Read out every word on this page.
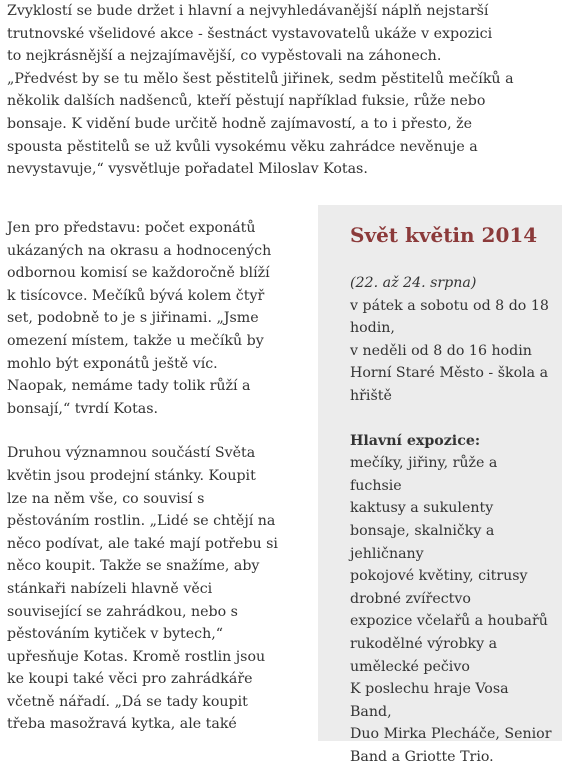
Zvyklostí se bude držet i hlavní a nejvyhledávanější náplň nejstarší
trutnovské všelidové akce - šestnáct vystavovatelů ukáže v expozici
to nejkrásnější a nejzajímavější, co vypěstovali na záhonech.
„Předvést by se tu mělo šest pěstitelů jiřinek, sedm pěstitelů mečíků a
několik dalších nadšenců, kteří pěstují například fuksie, růže nebo
bonsaje. K vidění bude určitě hodně zajímavostí, a to i přesto, že
spousta pěstitelů se už kvůli vysokému věku zahrádce nevěnuje a
nevystavuje,“ vysvětluje pořadatel Miloslav Kotas.

Jen pro představu: počet exponátů
ukázaných na okrasu a hodnocených
odbornou komisí se každoročně blíží
k tisícovce. Mečíků bývá kolem čtyř
set, podobně to je s jiřinami. „Jsme
omezení místem, takže u mečíků by
mohlo být exponátů ještě víc.
Naopak, nemáme tady tolik růží a
bonsají,“ tvrdí Kotas.

Druhou významnou součástí Světa
květin jsou prodejní stánky. Koupit
lze na něm vše, co souvisí s
pěstováním rostlin. „Lidé se chtějí na
něco podívat, ale také mají potřebu si
něco koupit. Takže se snažíme, aby
stánkaři nabízeli hlavně věci
související se zahrádkou, nebo s
pěstováním kytiček v bytech,“
upřesňuje Kotas. Kromě rostlin jsou
ke koupi také věci pro zahrádkáře
včetně nářadí. „Dá se tady koupit
třeba masožravá kytka, ale také

Svět květin 2014
(22. až 24. srpna)
v pátek a sobotu od 8 do 18
hodin,
v neděli od 8 do 16 hodin
Horní Staré Město - škola a
hřiště
Hlavní expozice:
mečíky, jiřiny, růže a
fuchsie
kaktusy a sukulenty
bonsaje, skalničky a
jehličnany
pokojové květiny, citrusy
drobné zvířectvo
expozice včelařů a houbařů
rukodělné výrobky a
umělecké pečivo
K poslechu hraje Vosa Band,
Duo Mirka Plecháče, Senior
Band a Griotte Trio.
